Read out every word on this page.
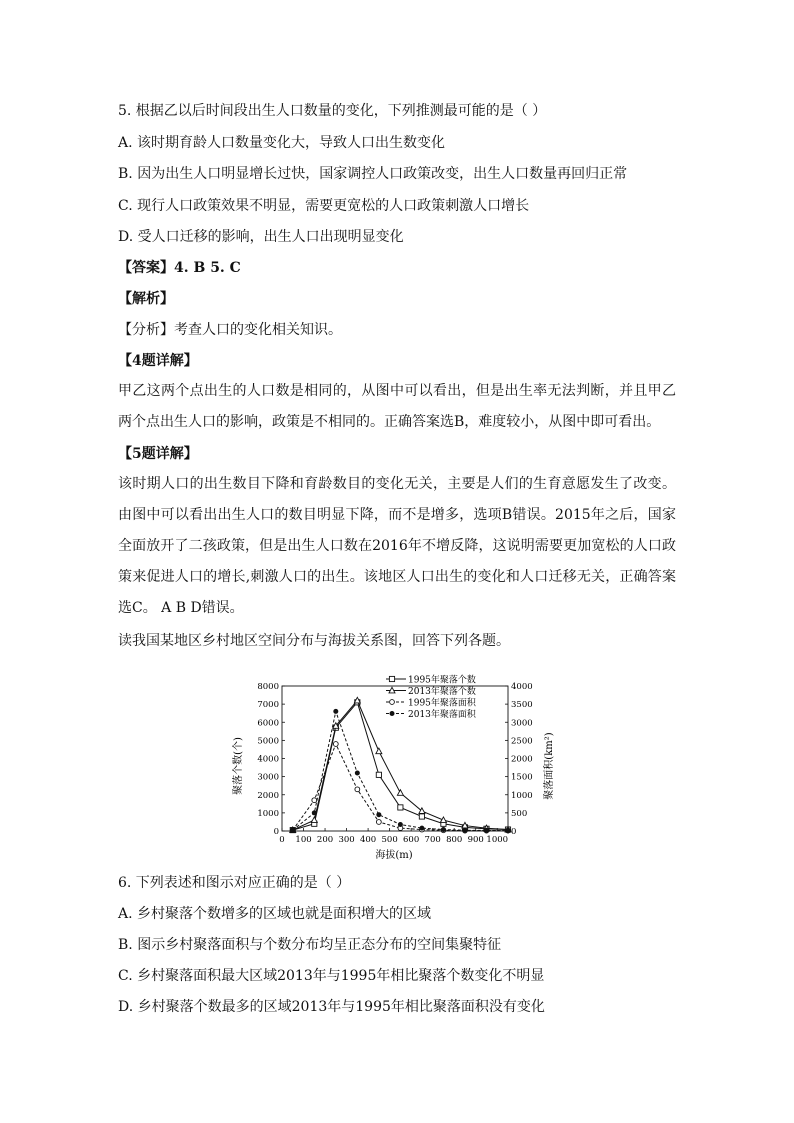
5. 根据乙以后时间段出生人口数量的变化，下列推测最可能的是（ ）
A. 该时期育龄人口数量变化大，导致人口出生数变化
B. 因为出生人口明显增长过快，国家调控人口政策改变，出生人口数量再回归正常
C. 现行人口政策效果不明显，需要更宽松的人口政策刺激人口增长
D. 受人口迁移的影响，出生人口出现明显变化
【答案】4. B 5. C
【解析】
【分析】考查人口的变化相关知识。
【4题详解】
甲乙这两个点出生的人口数是相同的，从图中可以看出，但是出生率无法判断，并且甲乙两个点出生人口的影响，政策是不相同的。正确答案选B，难度较小，从图中即可看出。
【5题详解】
该时期人口的出生数目下降和育龄数目的变化无关，主要是人们的生育意愿发生了改变。由图中可以看出出生人口的数目明显下降，而不是增多，选项B错误。2015年之后，国家全面放开了二孩政策，但是出生人口数在2016年不增反降，这说明需要更加宽松的人口政策来促进人口的增长,刺激人口的出生。该地区人口出生的变化和人口迁移无关，正确答案选C。 A B D错误。
读我国某地区乡村地区空间分布与海拔关系图，回答下列各题。
0 100 200 300 400 500 600 700 800 900 1000
0
1000
2000
3000
4000
5000
6000
7000
8000
0
500
1000
1500
2000
2500
3000
3500
4000
1995年聚落个数
2013年聚落个数
1995年聚落面积
2013年聚落面积
海拔(m)
聚落个数(个)	聚落面积(km²)
6. 下列表述和图示对应正确的是（ ）
A. 乡村聚落个数增多的区域也就是面积增大的区域
B. 图示乡村聚落面积与个数分布均呈正态分布的空间集聚特征
C. 乡村聚落面积最大区域2013年与1995年相比聚落个数变化不明显
D. 乡村聚落个数最多的区域2013年与1995年相比聚落面积没有变化
